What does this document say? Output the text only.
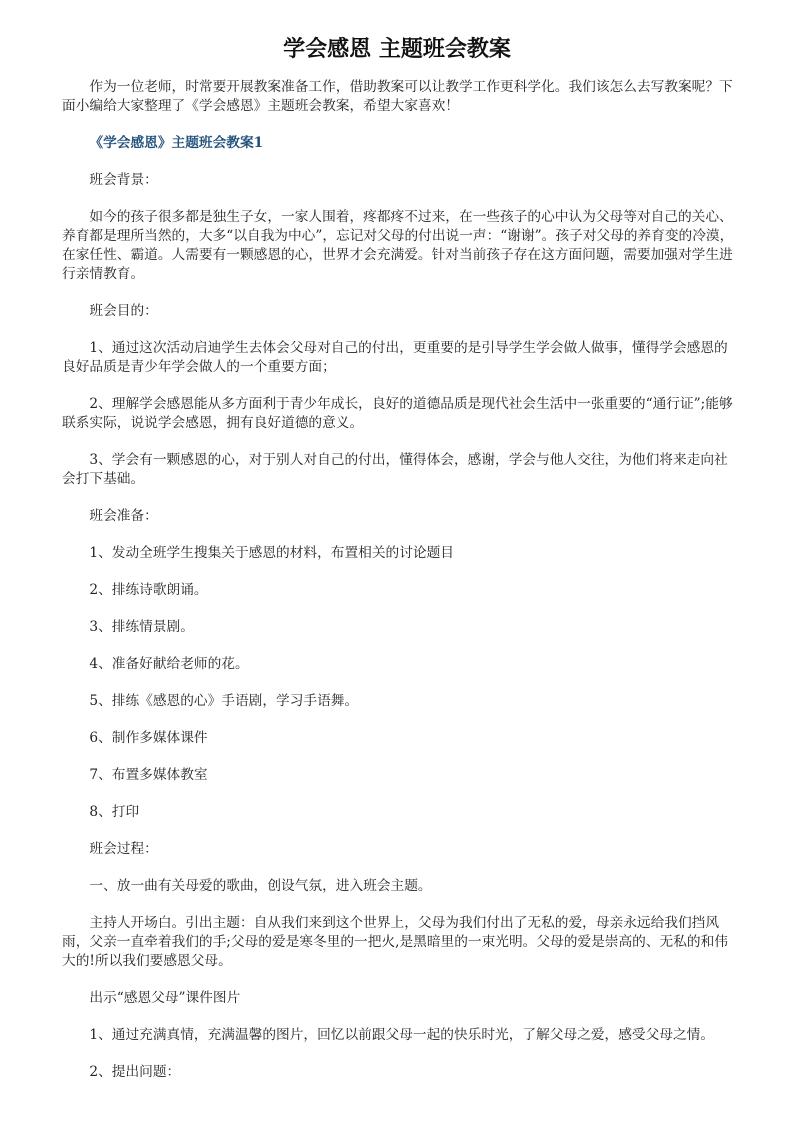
学会感恩 主题班会教案

作为一位老师，时常要开展教案准备工作，借助教案可以让教学工作更科学化。我们该怎么去写教案呢？下面小编给大家整理了《学会感恩》主题班会教案，希望大家喜欢！

《学会感恩》主题班会教案1

班会背景：

如今的孩子很多都是独生子女，一家人围着，疼都疼不过来，在一些孩子的心中认为父母等对自己的关心、养育都是理所当然的，大多“以自我为中心”，忘记对父母的付出说一声：“谢谢”。孩子对父母的养育变的冷漠，在家任性、霸道。人需要有一颗感恩的心，世界才会充满爱。针对当前孩子存在这方面问题，需要加强对学生进行亲情教育。

班会目的：

1、通过这次活动启迪学生去体会父母对自己的付出，更重要的是引导学生学会做人做事，懂得学会感恩的良好品质是青少年学会做人的一个重要方面；

2、理解学会感恩能从多方面利于青少年成长，良好的道德品质是现代社会生活中一张重要的“通行证”;能够联系实际，说说学会感恩，拥有良好道德的意义。

3、学会有一颗感恩的心，对于别人对自己的付出，懂得体会，感谢，学会与他人交往，为他们将来走向社会打下基础。

班会准备：

1、发动全班学生搜集关于感恩的材料，布置相关的讨论题目

2、排练诗歌朗诵。

3、排练情景剧。

4、准备好献给老师的花。

5、排练《感恩的心》手语剧，学习手语舞。

6、制作多媒体课件

7、布置多媒体教室

8、打印

班会过程：

一、放一曲有关母爱的歌曲，创设气氛，进入班会主题。

主持人开场白。引出主题：自从我们来到这个世界上，父母为我们付出了无私的爱，母亲永远给我们挡风雨，父亲一直牵着我们的手;父母的爱是寒冬里的一把火,是黑暗里的一束光明。父母的爱是崇高的、无私的和伟大的!所以我们要感恩父母。

出示“感恩父母”课件图片

1、通过充满真情，充满温馨的图片，回忆以前跟父母一起的快乐时光，了解父母之爱，感受父母之情。

2、提出问题：
